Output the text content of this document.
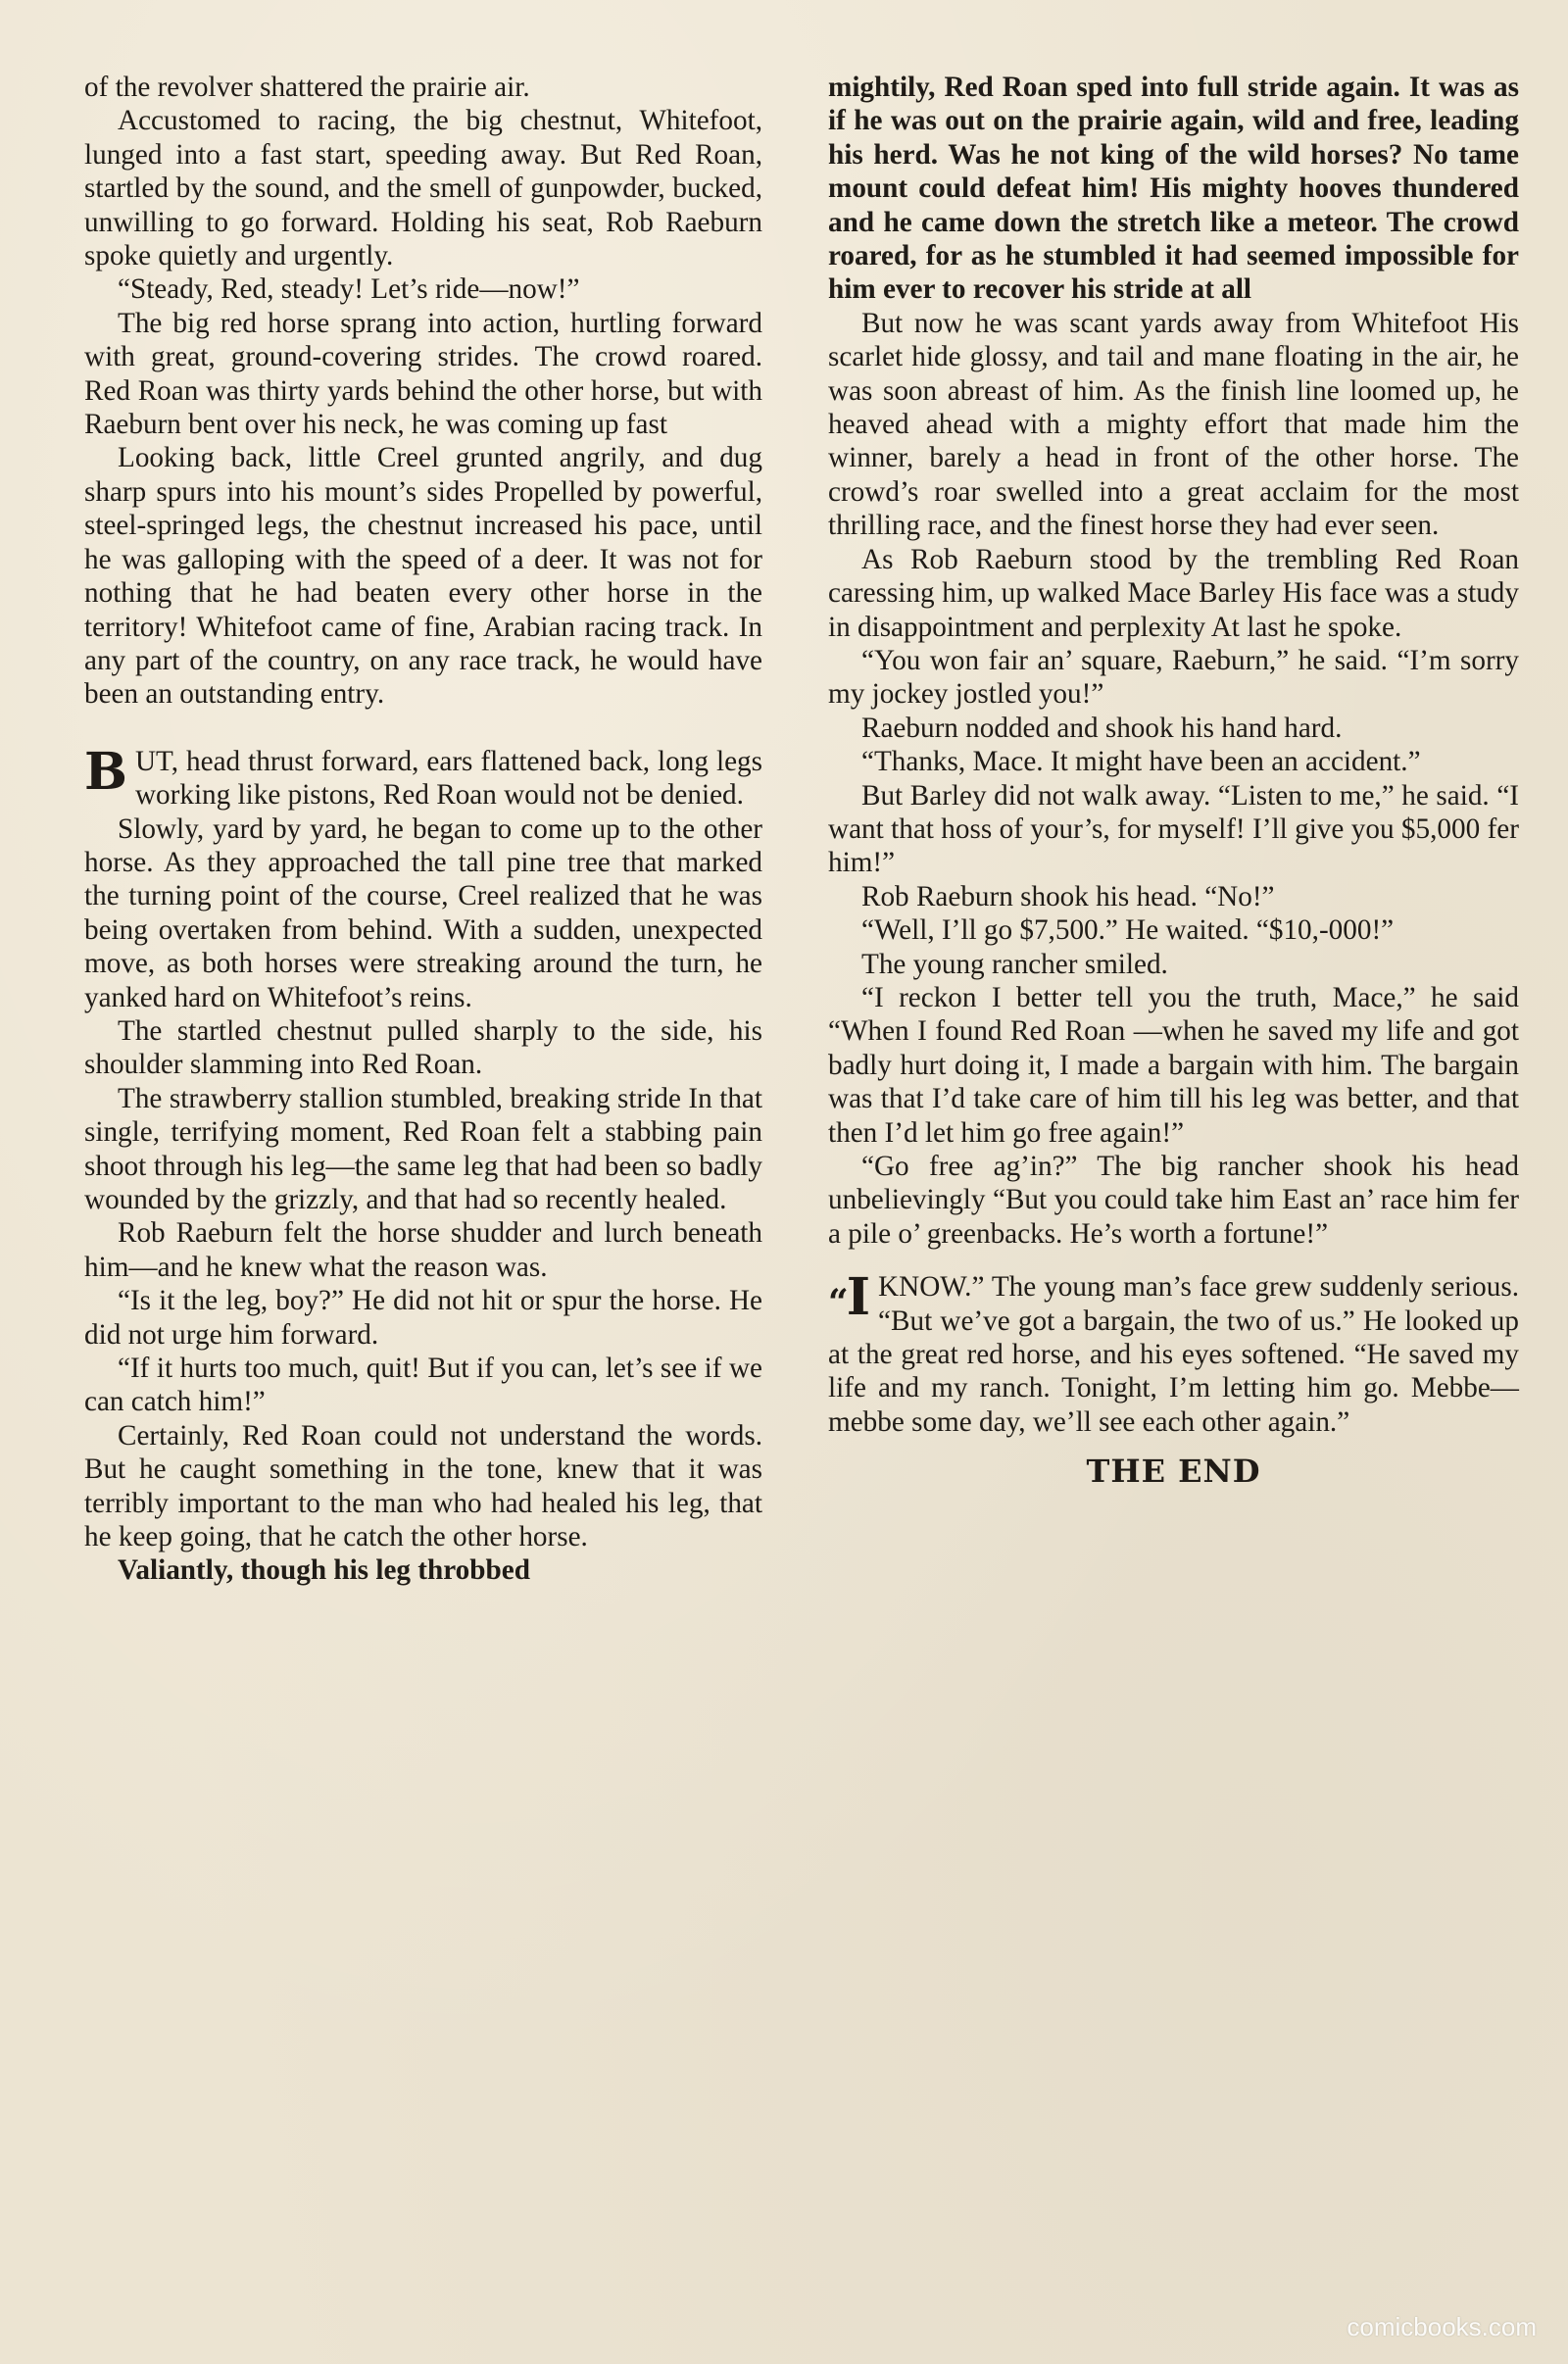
of the revolver shattered the prairie air.

Accustomed to racing, the big chestnut, Whitefoot, lunged into a fast start, speeding away. But Red Roan, startled by the sound, and the smell of gunpowder, bucked, unwilling to go forward. Holding his seat, Rob Raeburn spoke quietly and urgently.

“Steady, Red, steady! Let’s ride—now!”

The big red horse sprang into action, hurtling forward with great, ground-covering strides. The crowd roared. Red Roan was thirty yards behind the other horse, but with Raeburn bent over his neck, he was coming up fast

Looking back, little Creel grunted angrily, and dug sharp spurs into his mount’s sides Propelled by powerful, steel-springed legs, the chestnut increased his pace, until he was galloping with the speed of a deer. It was not for nothing that he had beaten every other horse in the territory! Whitefoot came of fine, Arabian racing track. In any part of the country, on any race track, he would have been an outstanding entry.

BUT, head thrust forward, ears flattened back, long legs working like pistons, Red Roan would not be denied.

Slowly, yard by yard, he began to come up to the other horse. As they approached the tall pine tree that marked the turning point of the course, Creel realized that he was being overtaken from behind. With a sudden, unexpected move, as both horses were streaking around the turn, he yanked hard on Whitefoot’s reins.

The startled chestnut pulled sharply to the side, his shoulder slamming into Red Roan.

The strawberry stallion stumbled, breaking stride In that single, terrifying moment, Red Roan felt a stabbing pain shoot through his leg—the same leg that had been so badly wounded by the grizzly, and that had so recently healed.

Rob Raeburn felt the horse shudder and lurch beneath him—and he knew what the reason was.

“Is it the leg, boy?” He did not hit or spur the horse. He did not urge him forward.

“If it hurts too much, quit! But if you can, let’s see if we can catch him!”

Certainly, Red Roan could not understand the words. But he caught something in the tone, knew that it was terribly important to the man who had healed his leg, that he keep going, that he catch the other horse.

Valiantly, though his leg throbbed

mightily, Red Roan sped into full stride again. It was as if he was out on the prairie again, wild and free, leading his herd. Was he not king of the wild horses? No tame mount could defeat him! His mighty hooves thundered and he came down the stretch like a meteor. The crowd roared, for as he stumbled it had seemed impossible for him ever to recover his stride at all

But now he was scant yards away from Whitefoot His scarlet hide glossy, and tail and mane floating in the air, he was soon abreast of him. As the finish line loomed up, he heaved ahead with a mighty effort that made him the winner, barely a head in front of the other horse. The crowd’s roar swelled into a great acclaim for the most thrilling race, and the finest horse they had ever seen.

As Rob Raeburn stood by the trembling Red Roan caressing him, up walked Mace Barley His face was a study in disappointment and perplexity At last he spoke.

“You won fair an’ square, Raeburn,” he said. “I’m sorry my jockey jostled you!”

Raeburn nodded and shook his hand hard.

“Thanks, Mace. It might have been an accident.”

But Barley did not walk away. “Listen to me,” he said. “I want that hoss of your’s, for myself! I’ll give you $5,000 fer him!”

Rob Raeburn shook his head. “No!”

“Well, I’ll go $7,500.” He waited. “$10,-000!”

The young rancher smiled.

“I reckon I better tell you the truth, Mace,” he said “When I found Red Roan —when he saved my life and got badly hurt doing it, I made a bargain with him. The bargain was that I’d take care of him till his leg was better, and that then I’d let him go free again!”

“Go free ag’in?” The big rancher shook his head unbelievingly “But you could take him East an’ race him fer a pile o’ greenbacks. He’s worth a fortune!”

“I KNOW.” The young man’s face grew suddenly serious. “But we’ve got a bargain, the two of us.” He looked up at the great red horse, and his eyes softened. “He saved my life and my ranch. Tonight, I’m letting him go. Mebbe—mebbe some day, we’ll see each other again.”

THE END
comicbooks.com
